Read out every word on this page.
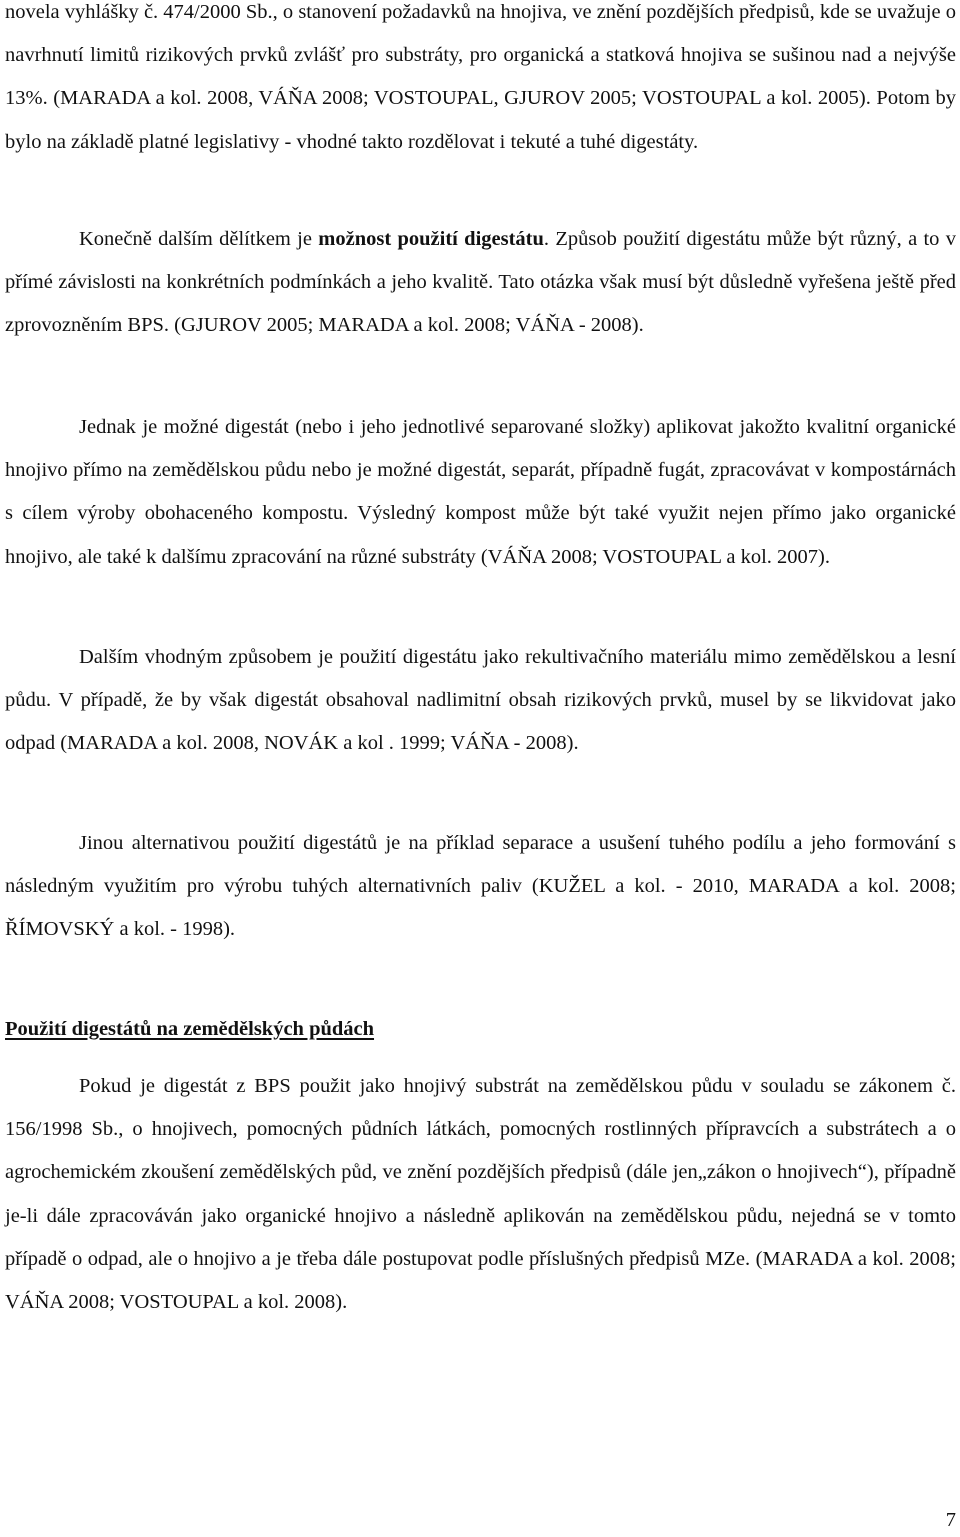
novela vyhlášky č. 474/2000 Sb., o stanovení požadavků na hnojiva, ve znění pozdějších předpisů, kde se uvažuje o navrhnutí limitů rizikových prvků zvlášť pro substráty, pro organická a statková hnojiva se sušinou nad a nejvýše 13%. (MARADA a kol. 2008, VÁŇA 2008; VOSTOUPAL, GJUROV 2005; VOSTOUPAL a kol. 2005). Potom by bylo na základě platné legislativy - vhodné takto rozdělovat i tekuté a tuhé digestáty.

Konečně dalším dělítkem je možnost použití digestátu. Způsob použití digestátu může být různý, a to v přímé závislosti na konkrétních podmínkách a jeho kvalitě. Tato otázka však musí být důsledně vyřešena ještě před zprovozněním BPS. (GJUROV 2005; MARADA a kol. 2008; VÁŇA - 2008).

Jednak je možné digestát (nebo i jeho jednotlivé separované složky) aplikovat jakožto kvalitní organické hnojivo přímo na zemědělskou půdu nebo je možné digestát, separát, případně fugát, zpracovávat v kompostárnách s cílem výroby obohaceného kompostu. Výsledný kompost může být také využit nejen přímo jako organické hnojivo, ale také k dalšímu zpracování na různé substráty (VÁŇA 2008; VOSTOUPAL a kol. 2007).

Dalším vhodným způsobem je použití digestátu jako rekultivačního materiálu mimo zemědělskou a lesní půdu. V případě, že by však digestát obsahoval nadlimitní obsah rizikových prvků, musel by se likvidovat jako odpad (MARADA a kol. 2008, NOVÁK a kol . 1999; VÁŇA - 2008).

Jinou alternativou použití digestátů je na příklad separace a usušení tuhého podílu a jeho formování s následným využitím pro výrobu tuhých alternativních paliv (KUŽEL a kol. - 2010, MARADA a kol. 2008; ŘÍMOVSKÝ a kol. - 1998).

Použití digestátů na zemědělských půdách

Pokud je digestát z BPS použit jako hnojivý substrát na zemědělskou půdu v souladu se zákonem č. 156/1998 Sb., o hnojivech, pomocných půdních látkách, pomocných rostlinných přípravcích a substrátech a o agrochemickém zkoušení zemědělských půd, ve znění pozdějších předpisů (dále jen„zákon o hnojivech“), případně je-li dále zpracováván jako organické hnojivo a následně aplikován na zemědělskou půdu, nejedná se v tomto případě o odpad, ale o hnojivo a je třeba dále postupovat podle příslušných předpisů MZe. (MARADA a kol. 2008; VÁŇA 2008; VOSTOUPAL a kol. 2008).

7
